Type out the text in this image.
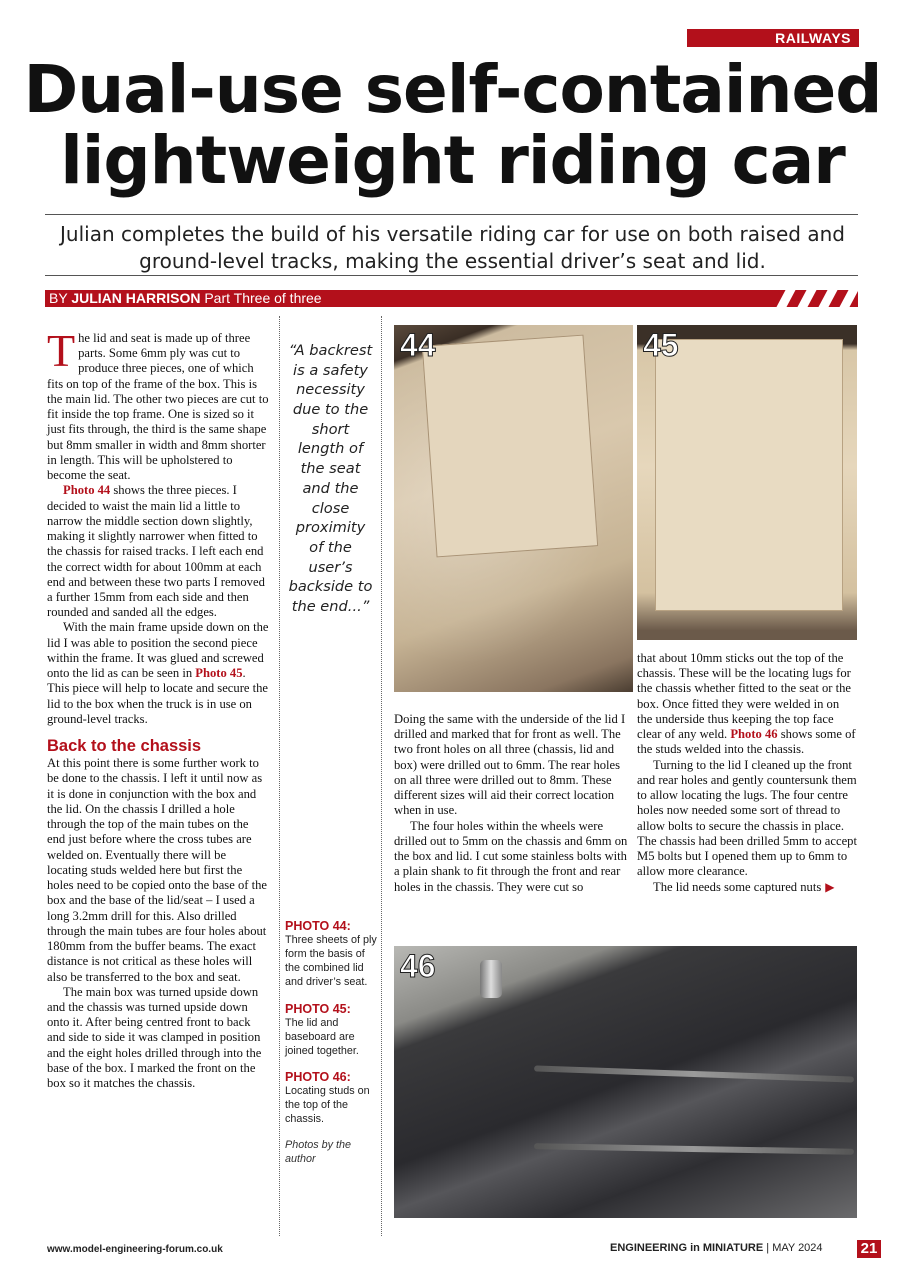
RAILWAYS
Dual-use self-contained lightweight riding car

Julian completes the build of his versatile riding car for use on both raised and ground-level tracks, making the essential driver’s seat and lid.

BY JULIAN HARRISON Part Three of three

The lid and seat is made up of three parts. Some 6mm ply was cut to produce three pieces, one of which fits on top of the frame of the box. This is the main lid. The other two pieces are cut to fit inside the top frame. One is sized so it just fits through, the third is the same shape but 8mm smaller in width and 8mm shorter in length. This will be upholstered to become the seat.

Photo 44 shows the three pieces. I decided to waist the main lid a little to narrow the middle section down slightly, making it slightly narrower when fitted to the chassis for raised tracks. I left each end the correct width for about 100mm at each end and between these two parts I removed a further 15mm from each side and then rounded and sanded all the edges.

With the main frame upside down on the lid I was able to position the second piece within the frame. It was glued and screwed onto the lid as can be seen in Photo 45. This piece will help to locate and secure the lid to the box when the truck is in use on ground-level tracks.

Back to the chassis

At this point there is some further work to be done to the chassis. I left it until now as it is done in conjunction with the box and the lid. On the chassis I drilled a hole through the top of the main tubes on the end just before where the cross tubes are welded on. Eventually there will be locating studs welded here but first the holes need to be copied onto the base of the box and the base of the lid/seat – I used a long 3.2mm drill for this. Also drilled through the main tubes are four holes about 180mm from the buffer beams. The exact distance is not critical as these holes will also be transferred to the box and seat.

The main box was turned upside down and the chassis was turned upside down onto it. After being centred front to back and side to side it was clamped in position and the eight holes drilled through into the base of the box. I marked the front on the box so it matches the chassis.

“A backrest is a safety necessity due to the short length of the seat and the close proximity of the user’s backside to the end...”

PHOTO 44:

Three sheets of ply form the basis of the combined lid and driver’s seat.

PHOTO 45:

The lid and baseboard are joined together.

PHOTO 46:

Locating studs on the top of the chassis.

Photos by the author

44	45
46

Doing the same with the underside of the lid I drilled and marked that for front as well. The two front holes on all three (chassis, lid and box) were drilled out to 6mm. The rear holes on all three were drilled out to 8mm. These different sizes will aid their correct location when in use.

The four holes within the wheels were drilled out to 5mm on the chassis and 6mm on the box and lid. I cut some stainless bolts with a plain shank to fit through the front and rear holes in the chassis. They were cut so

that about 10mm sticks out the top of the chassis. These will be the locating lugs for the chassis whether fitted to the seat or the box. Once fitted they were welded in on the underside thus keeping the top face clear of any weld. Photo 46 shows some of the studs welded into the chassis.

Turning to the lid I cleaned up the front and rear holes and gently countersunk them to allow locating the lugs. The four centre holes now needed some sort of thread to allow bolts to secure the chassis in place. The chassis had been drilled 5mm to accept M5 bolts but I opened them up to 6mm to allow more clearance.

The lid needs some captured nuts ▶

www.model-engineering-forum.co.uk	ENGINEERING in MINIATURE | MAY 2024	21
